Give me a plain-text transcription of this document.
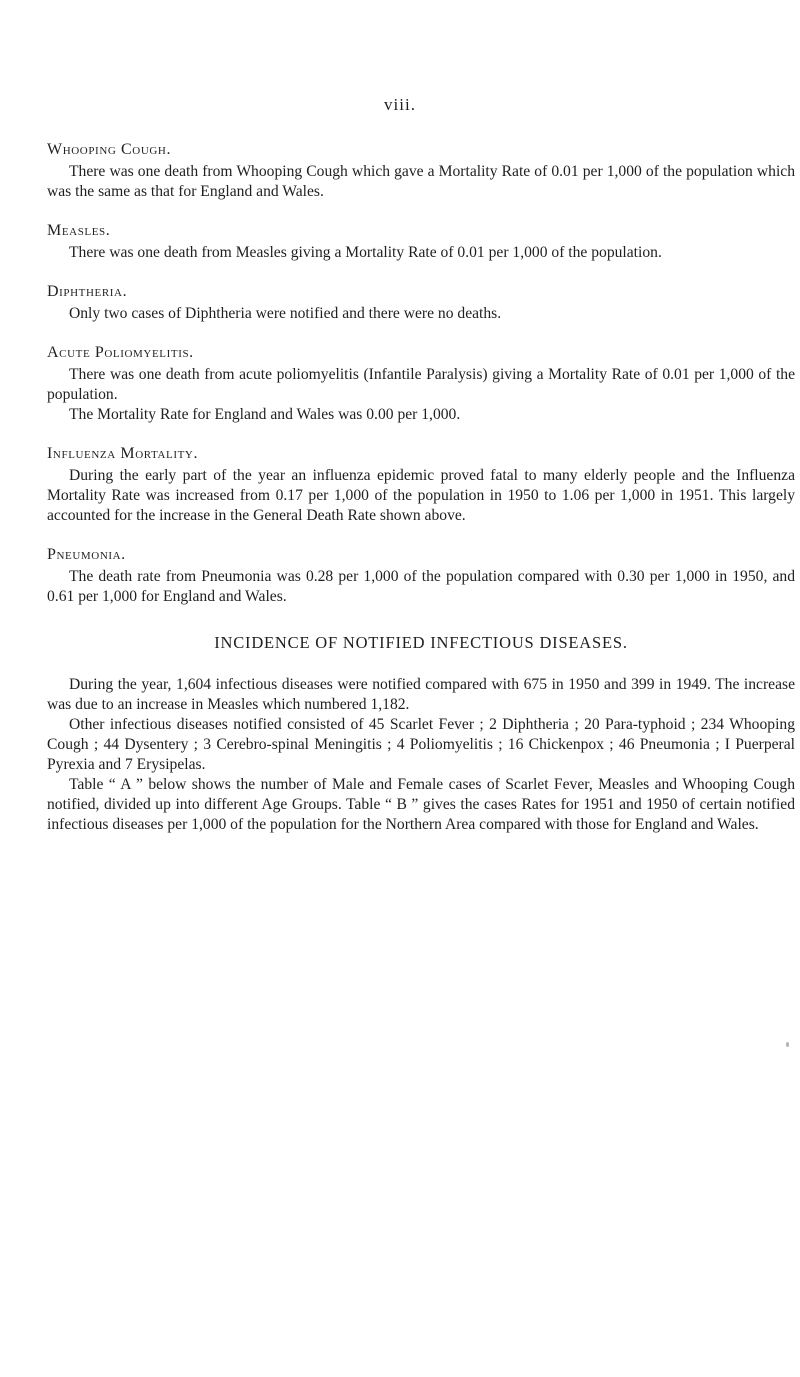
viii.
Whooping Cough.

There was one death from Whooping Cough which gave a Mortality Rate of 0.01 per 1,000 of the population which was the same as that for England and Wales.

Measles.

There was one death from Measles giving a Mortality Rate of 0.01 per 1,000 of the population.

Diphtheria.

Only two cases of Diphtheria were notified and there were no deaths.

Acute Poliomyelitis.

There was one death from acute poliomyelitis (Infantile Paralysis) giving a Mortality Rate of 0.01 per 1,000 of the population.

The Mortality Rate for England and Wales was 0.00 per 1,000.

Influenza Mortality.

During the early part of the year an influenza epidemic proved fatal to many elderly people and the Influenza Mortality Rate was increased from 0.17 per 1,000 of the population in 1950 to 1.06 per 1,000 in 1951. This largely accounted for the increase in the General Death Rate shown above.

Pneumonia.

The death rate from Pneumonia was 0.28 per 1,000 of the population compared with 0.30 per 1,000 in 1950, and 0.61 per 1,000 for England and Wales.

INCIDENCE OF NOTIFIED INFECTIOUS DISEASES.

During the year, 1,604 infectious diseases were notified compared with 675 in 1950 and 399 in 1949. The increase was due to an increase in Measles which numbered 1,182.

Other infectious diseases notified consisted of 45 Scarlet Fever ; 2 Diphtheria ; 20 Para-typhoid ; 234 Whooping Cough ; 44 Dysentery ; 3 Cerebro-spinal Meningitis ; 4 Poliomyelitis ; 16 Chickenpox ; 46 Pneumonia ; I Puerperal Pyrexia and 7 Erysipelas.

Table “ A ” below shows the number of Male and Female cases of Scarlet Fever, Measles and Whooping Cough notified, divided up into different Age Groups. Table “ B ” gives the cases Rates for 1951 and 1950 of certain notified infectious diseases per 1,000 of the population for the Northern Area compared with those for England and Wales.
